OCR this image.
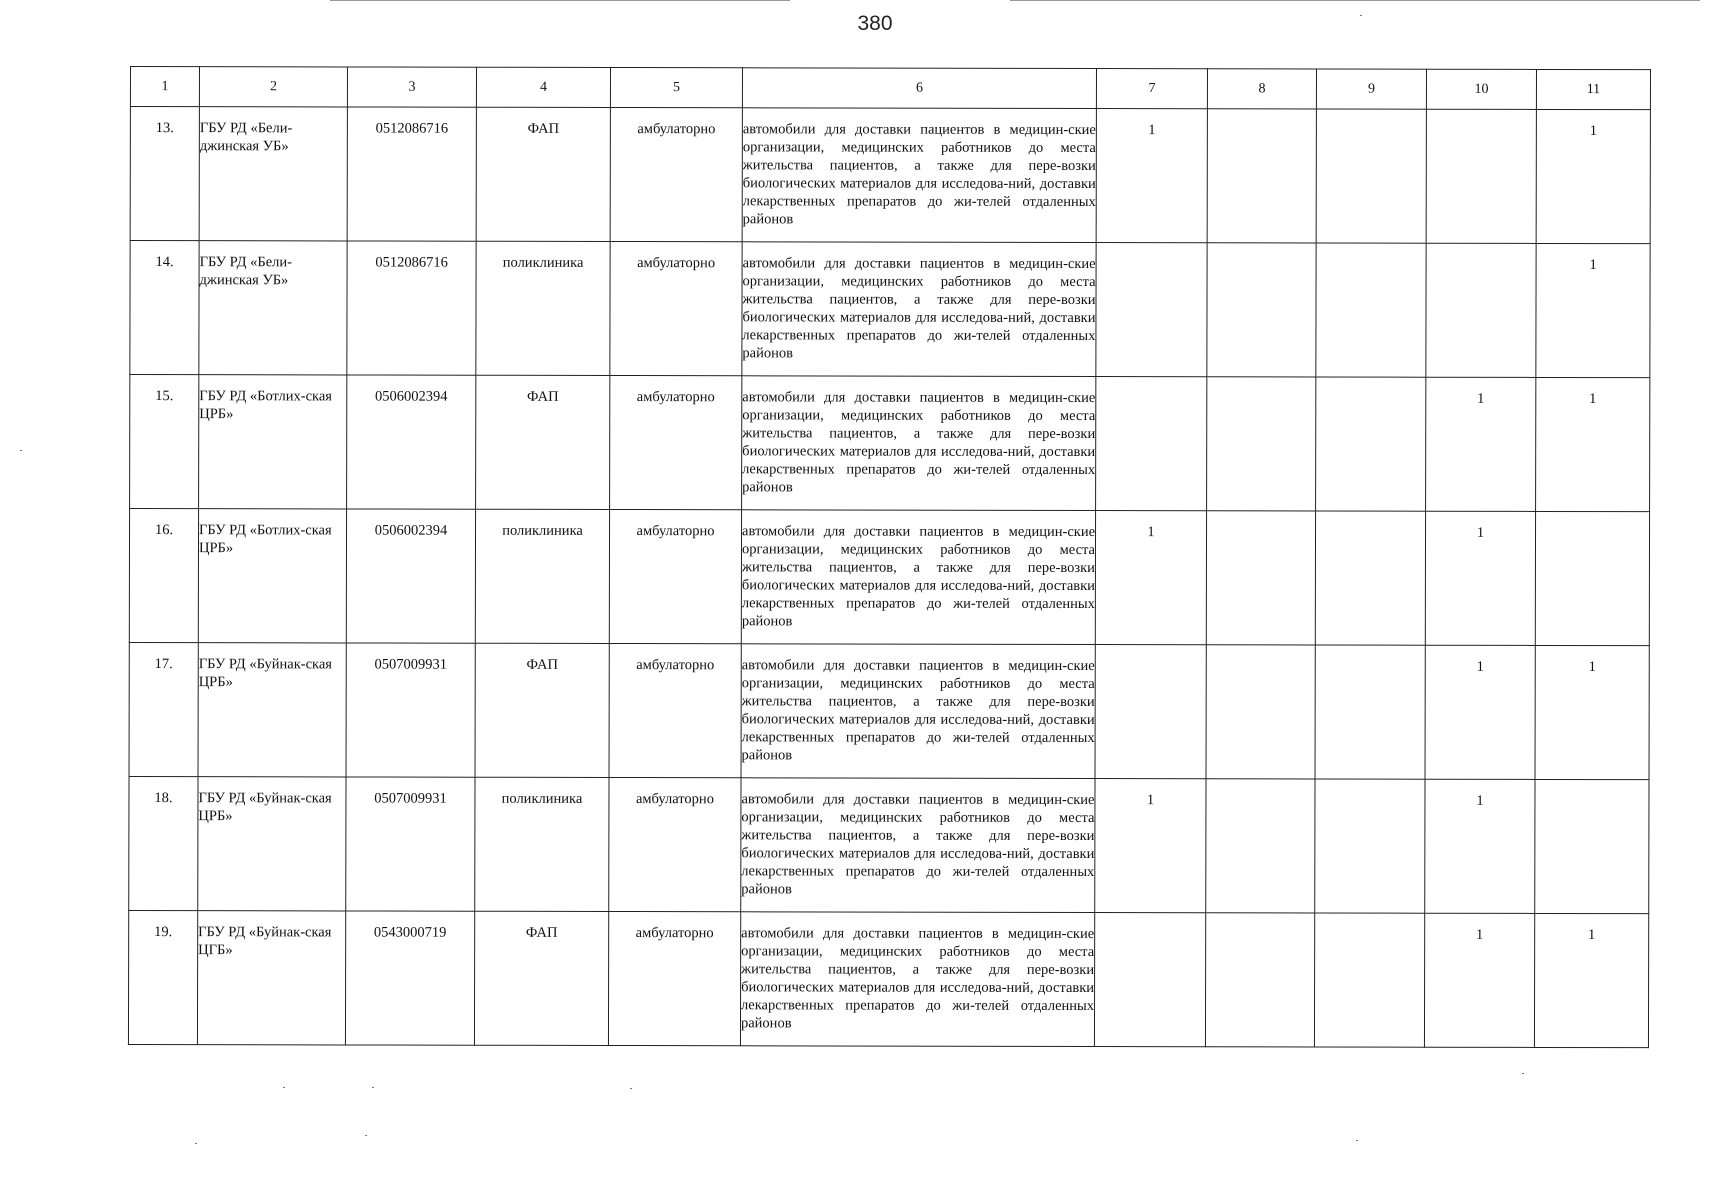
380
1	2	3	4	5	6	7	8	9	10	11
13.	ГБУ РД «Бели-джинская УБ»	0512086716	ФАП	амбулаторно	автомобили для доставки пациентов в медицин-ские организации, медицинских работников до места жительства пациентов, а также для пере-возки биологических материалов для исследова-ний, доставки лекарственных препаратов до жи-телей отдаленных районов	1				1
14.	ГБУ РД «Бели-джинская УБ»	0512086716	поликлиника	амбулаторно	автомобили для доставки пациентов в медицин-ские организации, медицинских работников до места жительства пациентов, а также для пере-возки биологических материалов для исследова-ний, доставки лекарственных препаратов до жи-телей отдаленных районов					1
15.	ГБУ РД «Ботлих-ская ЦРБ»	0506002394	ФАП	амбулаторно	автомобили для доставки пациентов в медицин-ские организации, медицинских работников до места жительства пациентов, а также для пере-возки биологических материалов для исследова-ний, доставки лекарственных препаратов до жи-телей отдаленных районов				1	1
16.	ГБУ РД «Ботлих-ская ЦРБ»	0506002394	поликлиника	амбулаторно	автомобили для доставки пациентов в медицин-ские организации, медицинских работников до места жительства пациентов, а также для пере-возки биологических материалов для исследова-ний, доставки лекарственных препаратов до жи-телей отдаленных районов	1			1	
17.	ГБУ РД «Буйнак-ская ЦРБ»	0507009931	ФАП	амбулаторно	автомобили для доставки пациентов в медицин-ские организации, медицинских работников до места жительства пациентов, а также для пере-возки биологических материалов для исследова-ний, доставки лекарственных препаратов до жи-телей отдаленных районов				1	1
18.	ГБУ РД «Буйнак-ская ЦРБ»	0507009931	поликлиника	амбулаторно	автомобили для доставки пациентов в медицин-ские организации, медицинских работников до места жительства пациентов, а также для пере-возки биологических материалов для исследова-ний, доставки лекарственных препаратов до жи-телей отдаленных районов	1			1	
19.	ГБУ РД «Буйнак-ская ЦГБ»	0543000719	ФАП	амбулаторно	автомобили для доставки пациентов в медицин-ские организации, медицинских работников до места жительства пациентов, а также для пере-возки биологических материалов для исследова-ний, доставки лекарственных препаратов до жи-телей отдаленных районов				1	1
